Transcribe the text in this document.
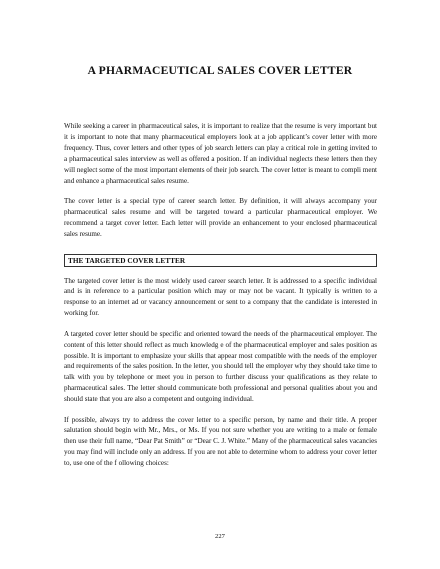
A PHARMACEUTICAL SALES COVER LETTER

While seeking a career in pharmaceutical sales, it is important to realize that the resume is very important but it is important to note that many pharmaceutical employers look at a job applicant’s cover letter with more frequency. Thus, cover letters and other types of job search letters can play a critical role in getting invited to a pharmaceutical sales interview as well as offered a position. If an individual neglects these letters then they will neglect some of the most important elements of their job search. The cover letter is meant to compli ment and enhance a pharmaceutical sales resume.

The cover letter is a special type of career search letter. By definition, it will always accompany your pharmaceutical sales resume and will be targeted toward a particular pharmaceutical employer. We recommend a target cover letter. Each letter will provide an enhancement to your enclosed pharmaceutical sales resume.

THE TARGETED COVER LETTER

The targeted cover letter is the most widely used career search letter. It is addressed to a specific individual and is in reference to a particular position which may or may not be vacant. It typically is written to a response to an internet ad or vacancy announcement or sent to a company that the candidate is interested in working for.

A targeted cover letter should be specific and oriented toward the needs of the pharmaceutical employer. The content of this letter should reflect as much knowledg e of the pharmaceutical employer and sales position as possible. It is important to emphasize your skills that appear most compatible with the needs of the employer and requirements of the sales position. In the letter, you should tell the employer why they should take time to talk with you by telephone or meet you in person to further discuss your qualifications as they relate to pharmaceutical sales. The letter should communicate both professional and personal qualities about you and should state that you are also a competent and outgoing individual.

If possible, always try to address the cover letter to a specific person, by name and their title. A proper salutation should begin with Mr., Mrs., or Ms. If you not sure whether you are writing to a male or female then use their full name, “Dear Pat Smith” or “Dear C. J. White.” Many of the pharmaceutical sales vacancies you may find will include only an address. If you are not able to determine whom to address your cover letter to, use one of the f ollowing choices:

227
